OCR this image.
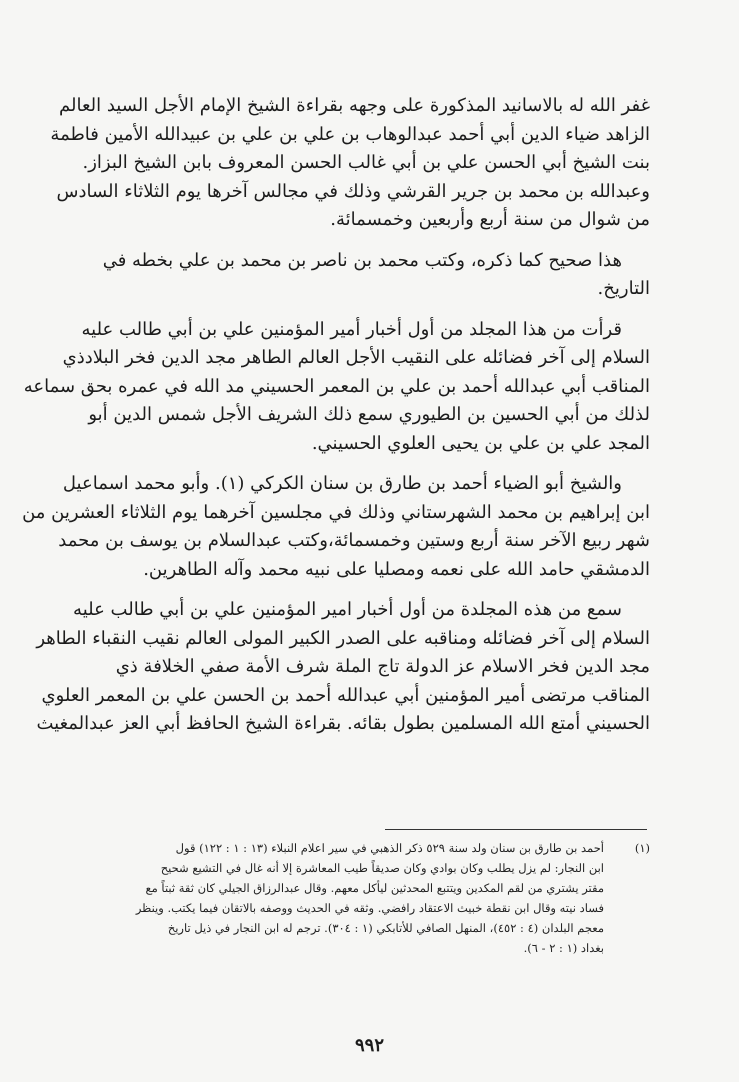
غفر الله له بالاسانيد المذكورة على وجهه بقراءة الشيخ الإمام الأجل السيد العالم
الزاهد ضياء الدين أبي أحمد عبدالوهاب بن علي بن علي بن عبيدالله الأمين فاطمة
بنت الشيخ أبي الحسن علي بن أبي غالب الحسن المعروف بابن الشيخ البزاز.
وعبدالله بن محمد بن جرير القرشي وذلك في مجالس آخرها يوم الثلاثاء السادس
من شوال من سنة أربع وأربعين وخمسمائة.

هذا صحيح كما ذكره، وكتب محمد بن ناصر بن محمد بن علي بخطه في
التاريخ.

قرأت من هذا المجلد من أول أخبار أمير المؤمنين علي بن أبي طالب عليه
السلام إلى آخر فضائله على النقيب الأجل العالم الطاهر مجد الدين فخر البلادذي
المناقب أبي عبدالله أحمد بن علي بن المعمر الحسيني مد الله في عمره بحق سماعه
لذلك من أبي الحسين بن الطيوري سمع ذلك الشريف الأجل شمس الدين أبو
المجد علي بن علي بن يحيى العلوي الحسيني.

والشيخ أبو الضياء أحمد بن طارق بن سنان الكركي (١). وأبو محمد اسماعيل
ابن إبراهيم بن محمد الشهرستاني وذلك في مجلسين آخرهما يوم الثلاثاء العشرين من
شهر ربيع الآخر سنة أربع وستين وخمسمائة،وكتب عبدالسلام بن يوسف بن محمد
الدمشقي حامد الله على نعمه ومصليا على نبيه محمد وآله الطاهرين.

سمع من هذه المجلدة من أول أخبار امير المؤمنين علي بن أبي طالب عليه
السلام إلى آخر فضائله ومناقبه على الصدر الكبير المولى العالم نقيب النقباء الطاهر
مجد الدين فخر الاسلام عز الدولة تاج الملة شرف الأمة صفي الخلافة ذي
المناقب مرتضى أمير المؤمنين أبي عبدالله أحمد بن الحسن علي بن المعمر العلوي
الحسيني أمتع الله المسلمين بطول بقائه. بقراءة الشيخ الحافظ أبي العز عبدالمغيث

(١)
أحمد بن طارق بن سنان ولد سنة ٥٢٩ ذكر الذهبي في سير اعلام النبلاء (١٣ : ١ : ١٢٢) قول
ابن النجار: لم يزل يطلب وكان بوادي وكان صديقاً طيب المعاشرة إلا أنه غال في التشيع شحيح
مقتر يشتري من لقم المكدين ويتتبع المحدثين ليأكل معهم. وقال عبدالرزاق الجيلي كان ثقة ثبتاً مع
فساد نيته وقال ابن نقطة خبيث الاعتقاد رافضي. وثقه في الحديث ووصفه بالاتقان فيما يكتب. وينظر
معجم البلدان (٤ : ٤٥٢)، المنهل الصافي للأتابكي (١ : ٣٠٤). ترجم له ابن النجار في ذيل تاريخ
بغداد (١ : ٢ - ٦).
٩٩٢
